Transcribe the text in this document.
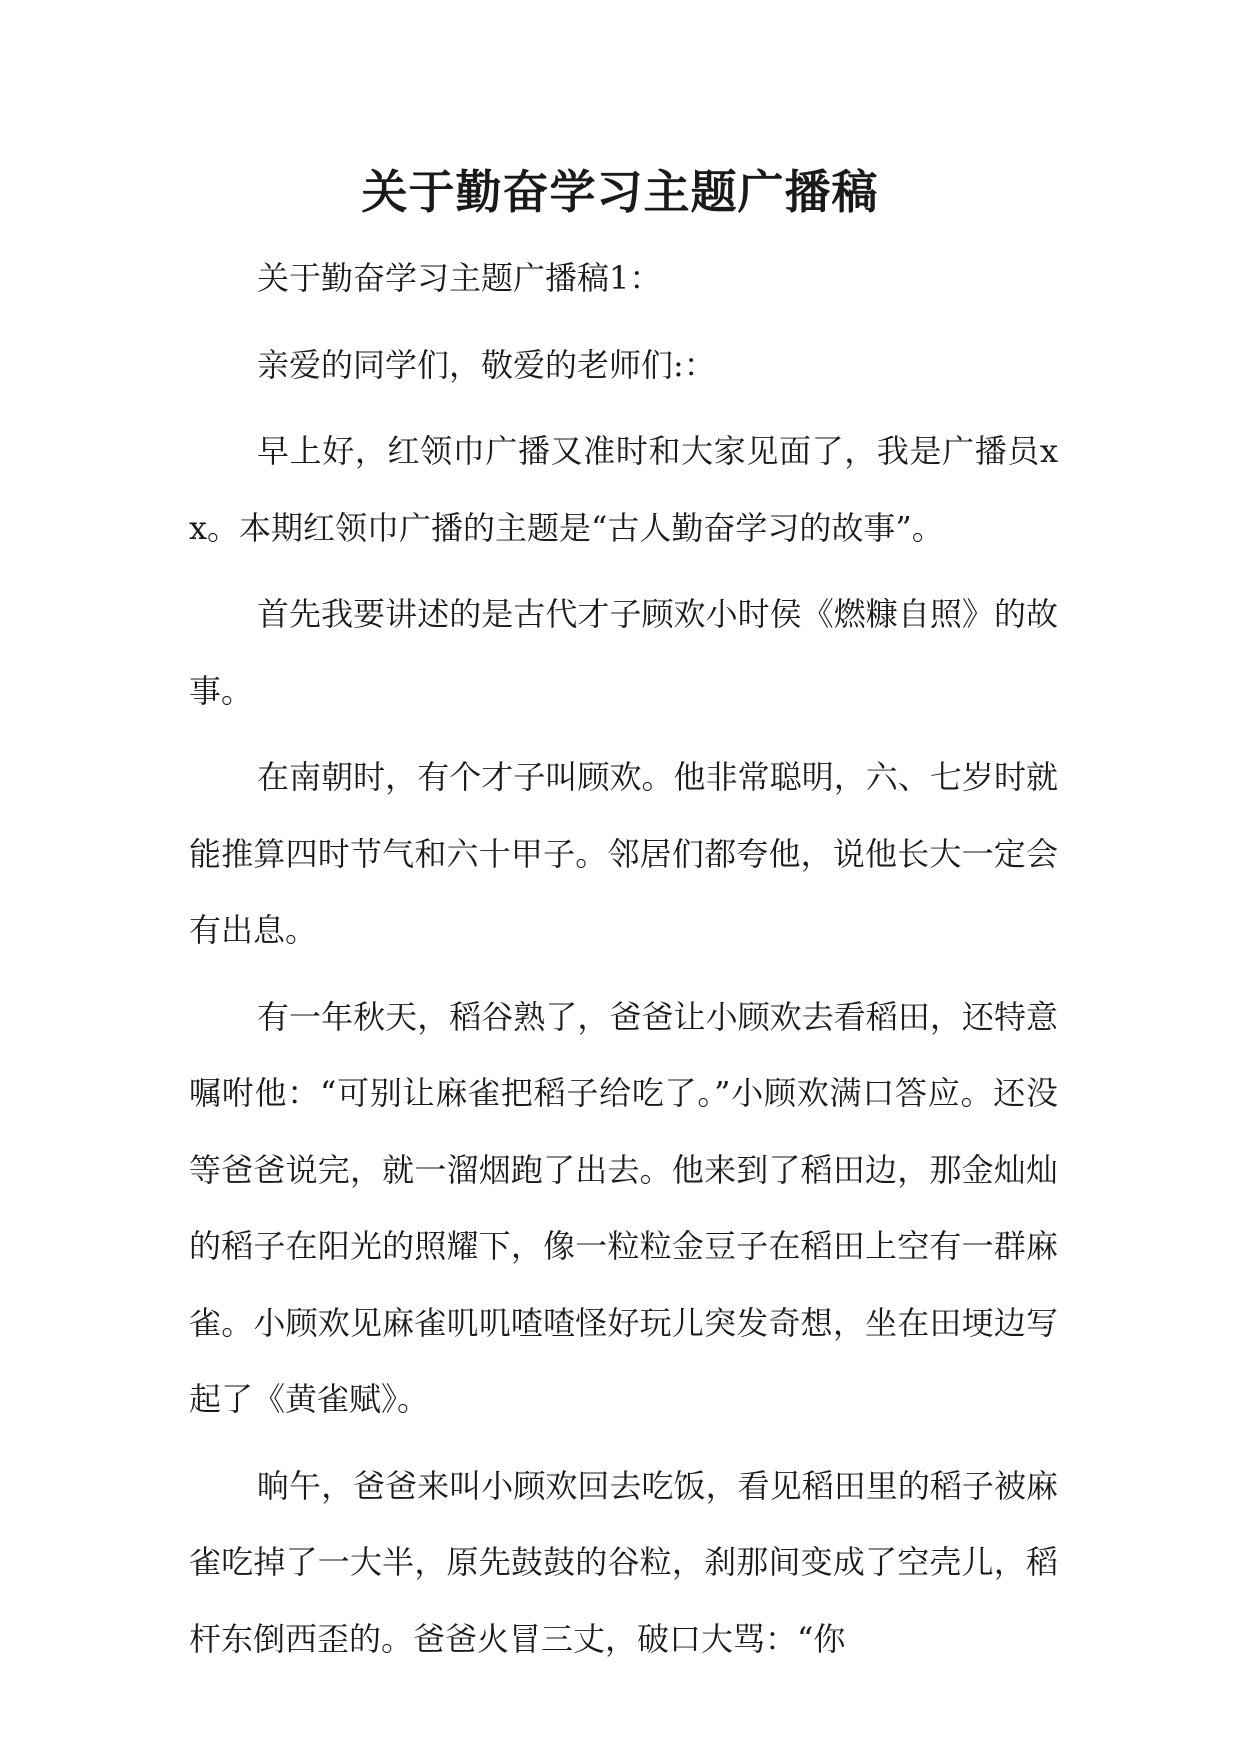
关于勤奋学习主题广播稿

关于勤奋学习主题广播稿1：

亲爱的同学们，敬爱的老师们:：

早上好，红领巾广播又准时和大家见面了，我是广播员xx。本期红领巾广播的主题是“古人勤奋学习的故事”。

首先我要讲述的是古代才子顾欢小时侯《燃糠自照》的故事。

在南朝时，有个才子叫顾欢。他非常聪明，六、七岁时就能推算四时节气和六十甲子。邻居们都夸他，说他长大一定会有出息。

有一年秋天，稻谷熟了，爸爸让小顾欢去看稻田，还特意嘱咐他：“可别让麻雀把稻子给吃了。”小顾欢满口答应。还没等爸爸说完，就一溜烟跑了出去。他来到了稻田边，那金灿灿的稻子在阳光的照耀下，像一粒粒金豆子在稻田上空有一群麻雀。小顾欢见麻雀叽叽喳喳怪好玩儿突发奇想，坐在田埂边写起了《黄雀赋》。

晌午，爸爸来叫小顾欢回去吃饭，看见稻田里的稻子被麻雀吃掉了一大半，原先鼓鼓的谷粒，刹那间变成了空壳儿，稻杆东倒西歪的。爸爸火冒三丈，破口大骂：“你
